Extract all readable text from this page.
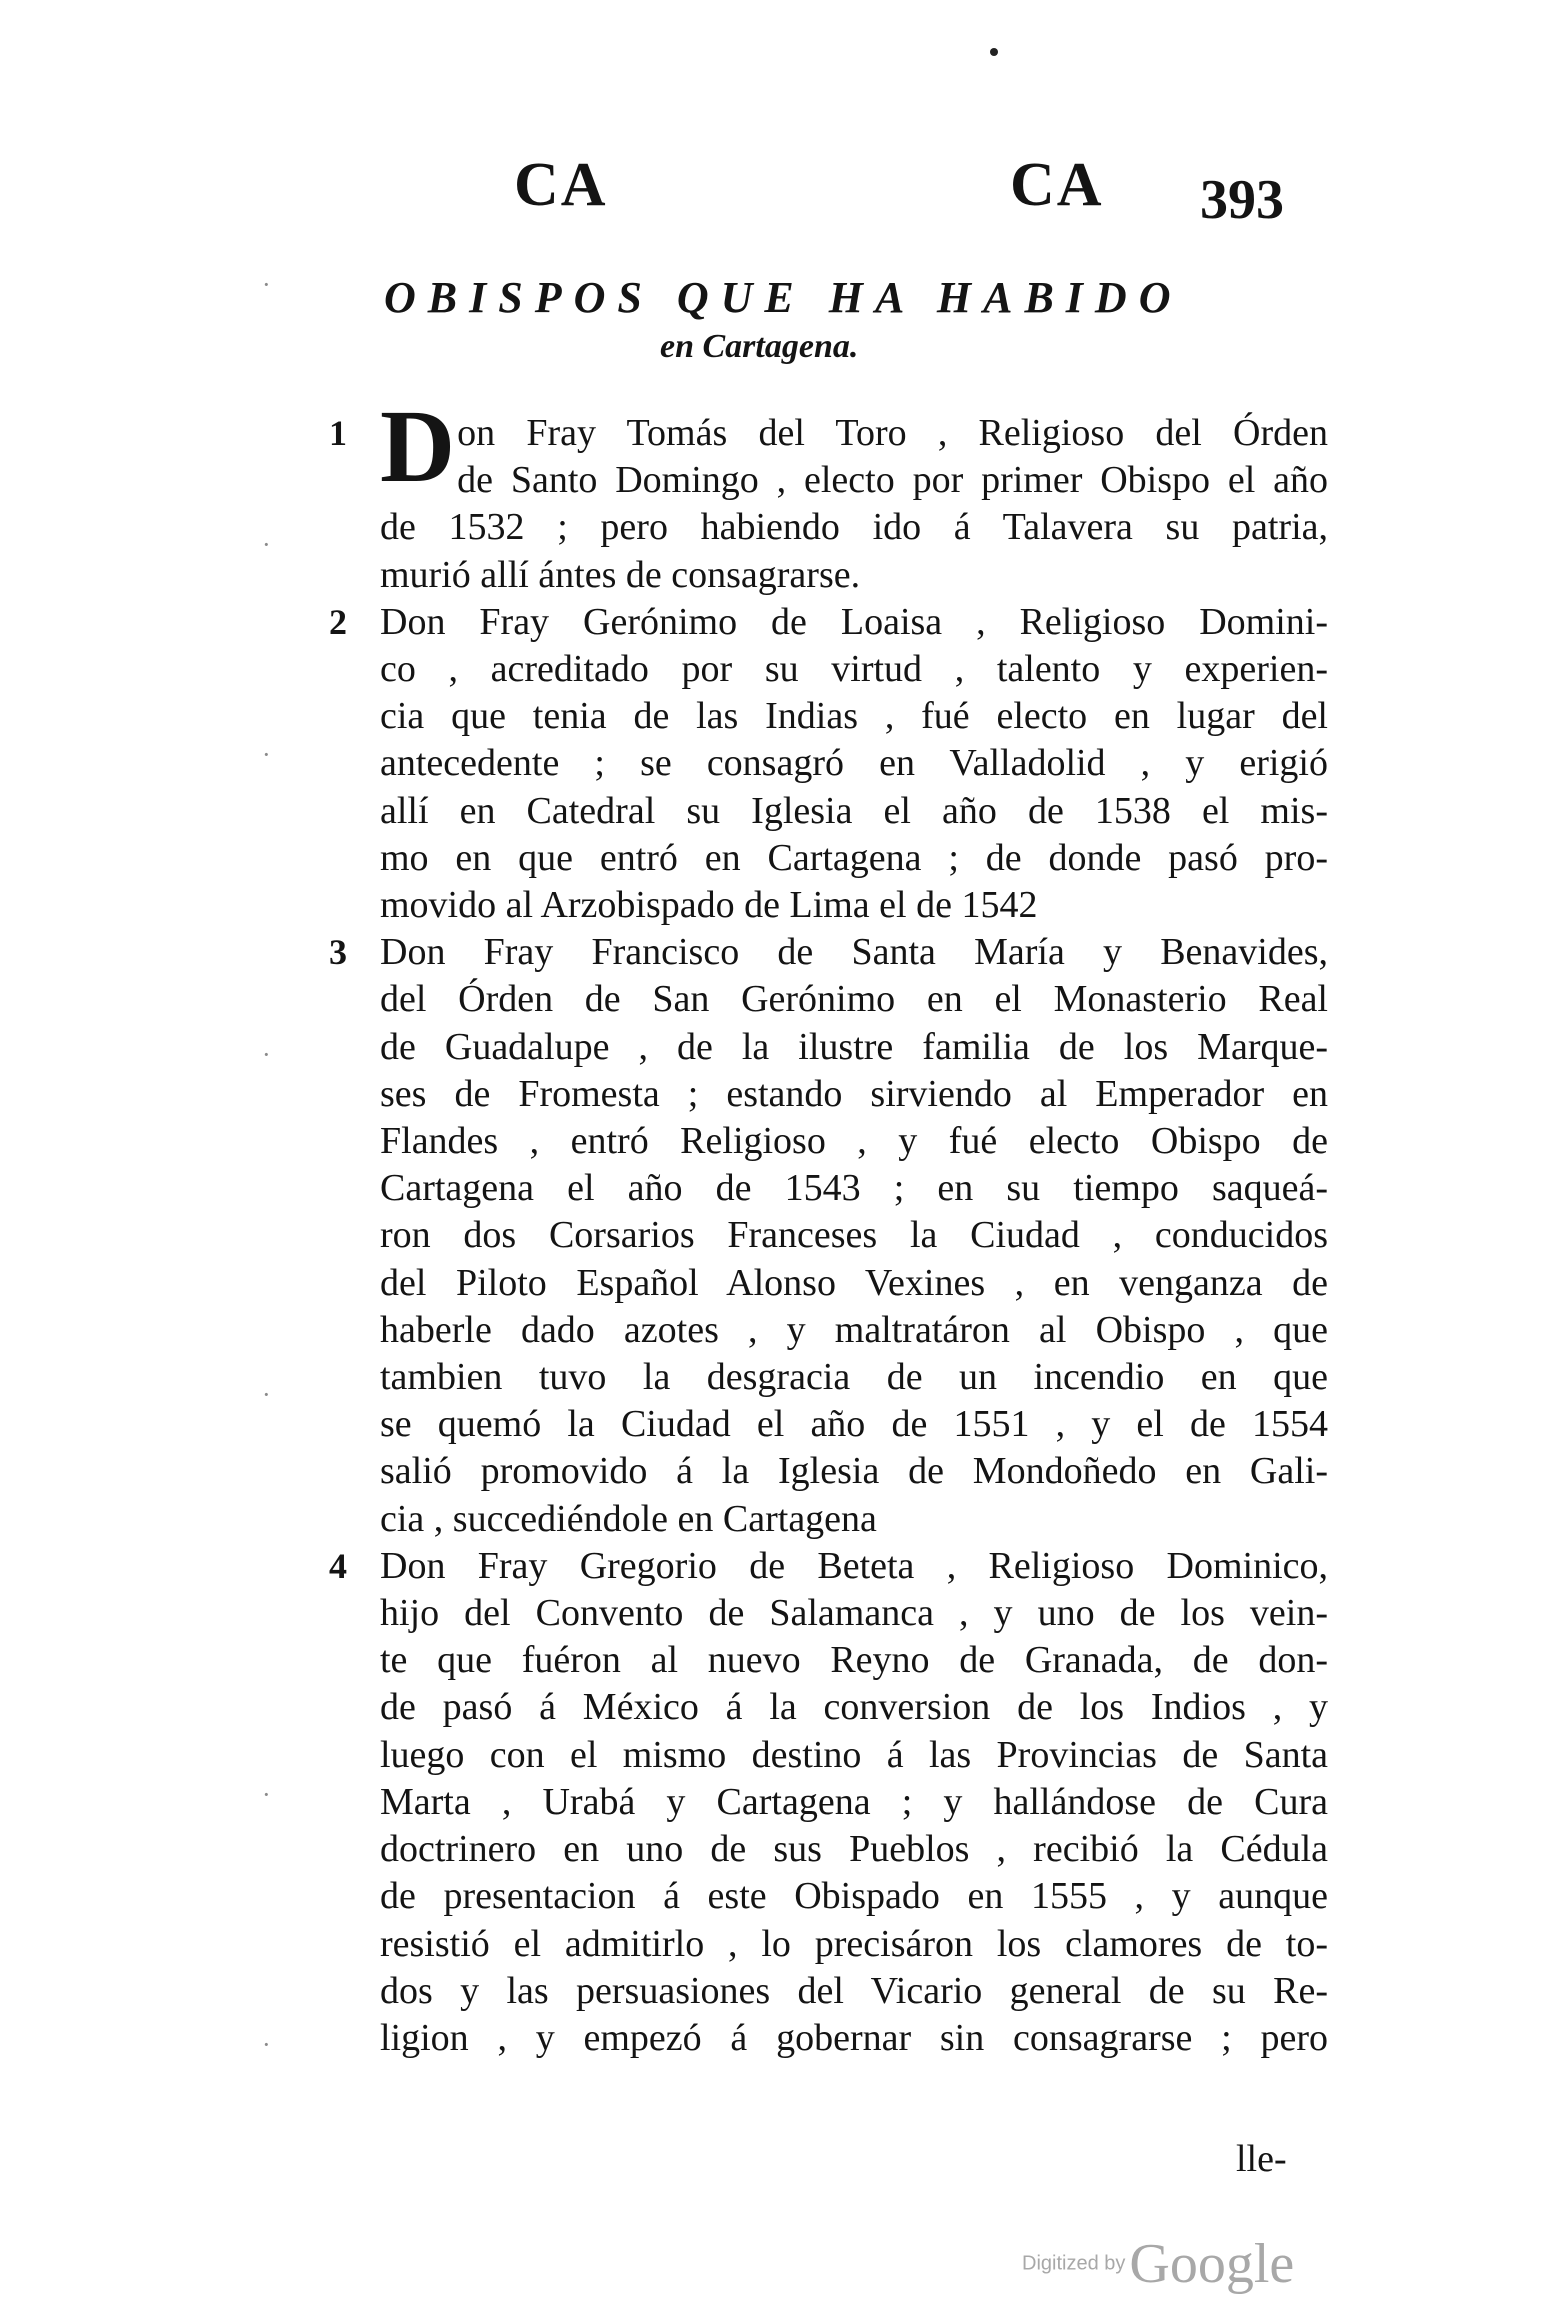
CA	CA 393
OBISPOS QUE HA HABIDO
en Cartagena.
·
·
·
·
·
·
·
1 D on Fray Tomás del Toro , Religioso del Órden
de Santo Domingo , electo por primer Obispo el año
de 1532 ; pero habiendo ido á Talavera su patria,
murió allí ántes de consagrarse.
2 Don Fray Gerónimo de Loaisa , Religioso Domini-
co , acreditado por su virtud , talento y experien-
cia que tenia de las Indias , fué electo en lugar del
antecedente ; se consagró en Valladolid , y erigió
allí en Catedral su Iglesia el año de 1538 el mis-
mo en que entró en Cartagena ; de donde pasó pro-
movido al Arzobispado de Lima el de 1542
3 Don Fray Francisco de Santa María y Benavides,
del Órden de San Gerónimo en el Monasterio Real
de Guadalupe , de la ilustre familia de los Marque-
ses de Fromesta ; estando sirviendo al Emperador en
Flandes , entró Religioso , y fué electo Obispo de
Cartagena el año de 1543 ; en su tiempo saqueá-
ron dos Corsarios Franceses la Ciudad , conducidos
del Piloto Español Alonso Vexines , en venganza de
haberle dado azotes , y maltratáron al Obispo , que
tambien tuvo la desgracia de un incendio en que
se quemó la Ciudad el año de 1551 , y el de 1554
salió promovido á la Iglesia de Mondoñedo en Gali-
cia , succediéndole en Cartagena
4 Don Fray Gregorio de Beteta , Religioso Dominico,
hijo del Convento de Salamanca , y uno de los vein-
te que fuéron al nuevo Reyno de Granada, de don-
de pasó á México á la conversion de los Indios , y
luego con el mismo destino á las Provincias de Santa
Marta , Urabá y Cartagena ; y hallándose de Cura
doctrinero en uno de sus Pueblos , recibió la Cédula
de presentacion á este Obispado en 1555 , y aunque
resistió el admitirlo , lo precisáron los clamores de to-
dos y las persuasiones del Vicario general de su Re-
ligion , y empezó á gobernar sin consagrarse ; pero
lle-
Digitized by Google
